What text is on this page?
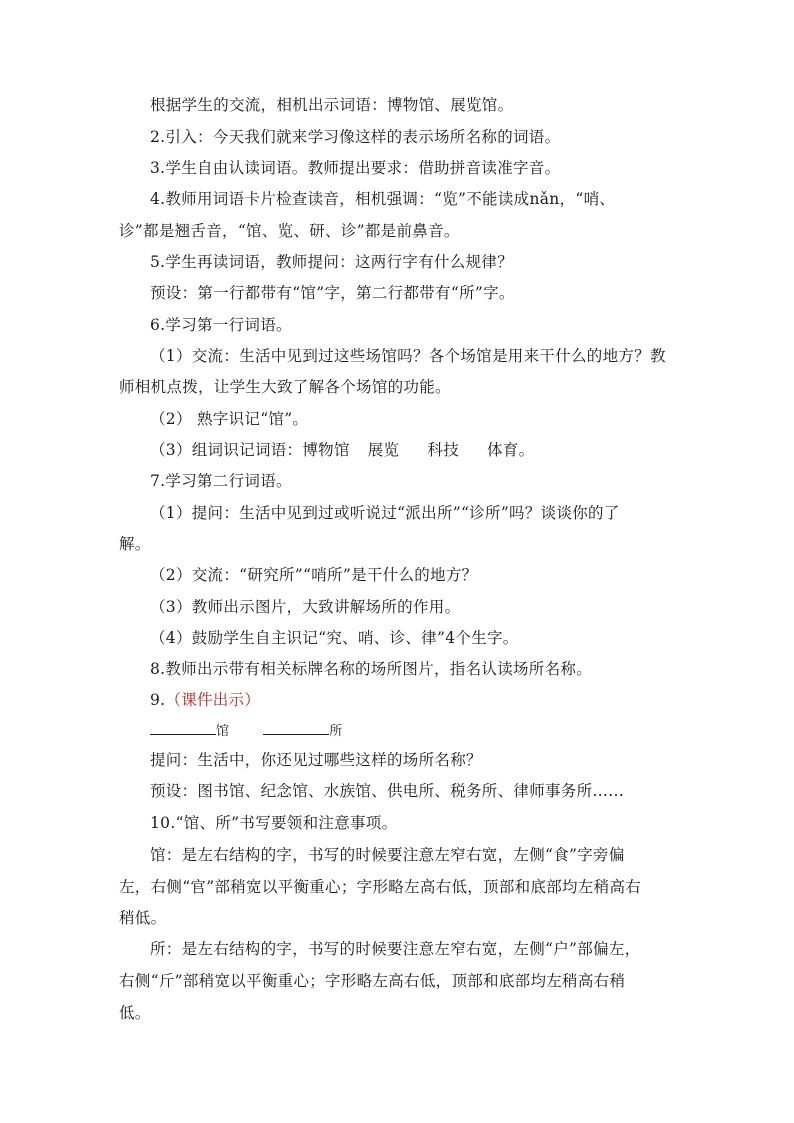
根据学生的交流，相机出示词语：博物馆、展览馆。
2.引入：今天我们就来学习像这样的表示场所名称的词语。
3.学生自由认读词语。教师提出要求：借助拼音读准字音。
4.教师用词语卡片检查读音，相机强调：“览”不能读成nǎn，“哨、
诊”都是翘舌音，“馆、览、研、诊”都是前鼻音。
5.学生再读词语，教师提问：这两行字有什么规律？
预设：第一行都带有“馆”字，第二行都带有“所”字。
6.学习第一行词语。
（1）交流：生活中见到过这些场馆吗？各个场馆是用来干什么的地方？教
师相机点拨，让学生大致了解各个场馆的功能。
（2） 熟字识记“馆”。
（3）组词识记词语：博物馆 展览 科技 体育。
7.学习第二行词语。
（1）提问：生活中见到过或听说过“派出所”“诊所”吗？谈谈你的了
解。
（2）交流：“研究所”“哨所”是干什么的地方？
（3）教师出示图片，大致讲解场所的作用。
（4）鼓励学生自主识记“究、哨、诊、律”4个生字。
8.教师出示带有相关标牌名称的场所图片，指名认读场所名称。
9.（课件出示）
馆	所
提问：生活中，你还见过哪些这样的场所名称？
预设：图书馆、纪念馆、水族馆、供电所、税务所、律师事务所……
10.“馆、所”书写要领和注意事项。
馆：是左右结构的字，书写的时候要注意左窄右宽，左侧“食”字旁偏
左，右侧“官”部稍宽以平衡重心；字形略左高右低，顶部和底部均左稍高右
稍低。
所：是左右结构的字，书写的时候要注意左窄右宽，左侧“户”部偏左，
右侧“斤”部稍宽以平衡重心；字形略左高右低，顶部和底部均左稍高右稍
低。
